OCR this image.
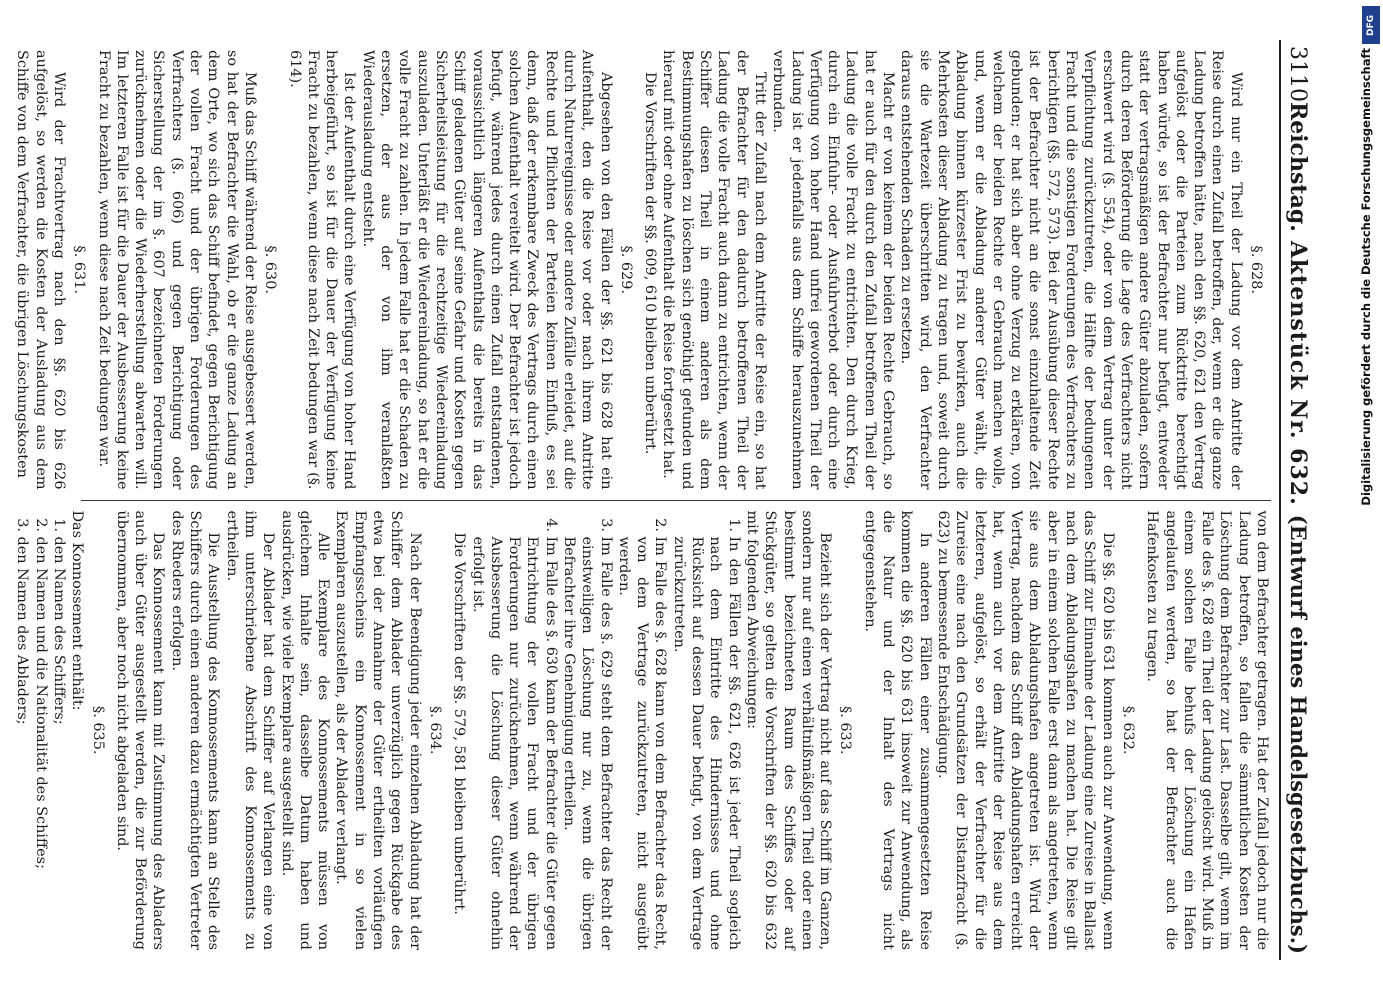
3110
Reichstag.
Aktenstück Nr. 632.
(Entwurf eines Handelsgesetzbuchs.)
§. 628.

Wird nur ein Theil der Ladung vor dem Antritte der Reise durch einen Zufall betroffen, der, wenn er die ganze Ladung betroffen hätte, nach den §§. 620, 621 den Vertrag aufgelöst oder die Parteien zum Rücktritte berechtigt haben würde, so ist der Befrachter nur befugt, entweder statt der vertragsmäßigen andere Güter abzuladen, sofern durch deren Beförderung die Lage des Verfrachters nicht erschwert wird (§. 554), oder von dem Vertrag unter der Verpflichtung zurückzutreten, die Hälfte der bedungenen Fracht und die sonstigen Forderungen des Verfrachters zu berichtigen (§§. 572, 573). Bei der Ausübung dieser Rechte ist der Befrachter nicht an die sonst einzuhaltende Zeit gebunden; er hat sich aber ohne Verzug zu erklären, von welchem der beiden Rechte er Gebrauch machen wolle, und, wenn er die Abladung anderer Güter wählt, die Abladung binnen kürzester Frist zu bewirken, auch die Mehrkosten dieser Abladung zu tragen und, soweit durch sie die Wartezeit überschritten wird, den Verfrachter daraus entstehenden Schaden zu ersetzen.

Macht er von keinem der beiden Rechte Gebrauch, so hat er auch für den durch den Zufall betroffenen Theil der Ladung die volle Fracht zu entrichten. Den durch Krieg, durch ein Einfuhr- oder Ausfuhrverbot oder durch eine Verfügung von hoher Hand unfrei gewordenen Theil der Ladung ist er jedenfalls aus dem Schiffe herauszunehmen verbunden.

Tritt der Zufall nach dem Antritte der Reise ein, so hat der Befrachter für den dadurch betroffenen Theil der Ladung die volle Fracht auch dann zu entrichten, wenn der Schiffer diesen Theil in einem anderen als dem Bestimmungshafen zu löschen sich genöthigt gefunden und hierauf mit oder ohne Aufenthalt die Reise fortgesetzt hat.

Die Vorschriften der §§. 609, 610 bleiben unberührt.

§. 629.

Abgesehen von den Fällen der §§. 621 bis 628 hat ein Aufenthalt, den die Reise vor oder nach ihrem Antritte durch Naturereignisse oder andere Zufälle erleidet, auf die Rechte und Pflichten der Parteien keinen Einfluß, es sei denn, daß der erkennbare Zweck des Vertrags durch einen solchen Aufenthalt vereitelt wird. Der Befrachter ist jedoch befugt, während jedes durch einen Zufall entstandenen, voraussichtlich längeren Aufenthalts die bereits in das Schiff geladenen Güter auf seine Gefahr und Kosten gegen Sicherheitsleistung für die rechtzeitige Wiedereinladung auszuladen. Unterläßt er die Wiedereinladung, so hat er die volle Fracht zu zahlen. In jedem Falle hat er die Schaden zu ersetzen, der aus der von ihm veranlaßten Wiederausladung entsteht.

Ist der Aufenthalt durch eine Verfügung von hoher Hand herbeigeführt, so ist für die Dauer der Verfügung keine Fracht zu bezahlen, wenn diese nach Zeit bedungen war (§. 614).

§. 630.

Muß das Schiff während der Reise ausgebessert werden, so hat der Befrachter die Wahl, ob er die ganze Ladung an dem Orte, wo sich das Schiff befindet, gegen Berichtigung der vollen Fracht und der übrigen Forderungen des Verfrachters (§. 606) und gegen Berichtigung oder Sicherstellung der im §. 607 bezeichneten Forderungen zurücknehmen oder die Wiederherstellung abwarten will. Im letzteren Falle ist für die Dauer der Ausbesserung keine Fracht zu bezahlen, wenn diese nach Zeit bedungen war.

§. 631.

Wird der Frachtvertrag nach den §§. 620 bis 626 aufgelöst, so werden die Kosten der Ausladung aus dem Schiffe von dem Verfrachter, die übrigen Löschungskosten

von dem Befrachter getragen. Hat der Zufall jedoch nur die Ladung betroffen, so fallen die sämmtlichen Kosten der Löschung dem Befrachter zur Last. Dasselbe gilt, wenn im Falle des §. 628 ein Theil der Ladung gelöscht wird. Muß in einem solchen Falle behufs der Löschung ein Hafen angelaufen werden, so hat der Befrachter auch die Hafenkosten zu tragen.

§. 632.

Die §§. 620 bis 631 kommen auch zur Anwendung, wenn das Schiff zur Einnahme der Ladung eine Zureise in Ballast nach dem Abladungshafen zu machen hat. Die Reise gilt aber in einem solchen Falle erst dann als angetreten, wenn sie aus dem Abladungshafen angetreten ist. Wird der Vertrag, nachdem das Schiff den Abladungshafen erreicht hat, wenn auch vor dem Antritte der Reise aus dem letzteren, aufgelöst, so erhält der Verfrachter für die Zureise eine nach den Grundsätzen der Distanzfracht (§. 623) zu bemessende Entschädigung.

In anderen Fällen einer zusammengesetzten Reise kommen die §§. 620 bis 631 insoweit zur Anwendung, als die Natur und der Inhalt des Vertrags nicht entgegenstehen.

§. 633.

Bezieht sich der Vertrag nicht auf das Schiff im Ganzen, sondern nur auf einen verhältnißmäßigen Theil oder einen bestimmt bezeichneten Raum des Schiffes oder auf Stückgüter, so gelten die Vorschriften der §§. 620 bis 632 mit folgenden Abweichungen:

1. In den Fällen der §§. 621, 626 ist jeder Theil sogleich nach dem Eintritte des Hindernisses und ohne Rücksicht auf dessen Dauer befugt, von dem Vertrage zurückzutreten.
2. Im Falle des §. 628 kann von dem Befrachter das Recht, von dem Vertrage zurückzutreten, nicht ausgeübt werden.
3. Im Falle des §. 629 steht dem Befrachter das Recht der einstweiligen Löschung nur zu, wenn die übrigen Befrachter ihre Genehmigung ertheilen.
4. Im Falle des §. 630 kann der Befrachter die Güter gegen Entrichtung der vollen Fracht und der übrigen Forderungen nur zurücknehmen, wenn während der Ausbesserung die Löschung dieser Güter ohnehin erfolgt ist.

Die Vorschriften der §§. 579, 581 bleiben unberührt.

§. 634.

Nach der Beendigung jeder einzelnen Abladung hat der Schiffer dem Ablader unverzüglich gegen Rückgabe des etwa bei der Annahme der Güter ertheilten vorläufigen Empfangsscheins ein Konnossement in so vielen Exemplaren auszustellen, als der Ablader verlangt.

Alle Exemplare des Konnossements müssen von gleichem Inhalte sein, dasselbe Datum haben und ausdrücken, wie viele Exemplare ausgestellt sind.

Der Ablader hat dem Schiffer auf Verlangen eine von ihm unterschriebene Abschrift des Konnossements zu ertheilen.

Die Ausstellung des Konnossements kann an Stelle des Schiffers durch einen anderen dazu ermächtigten Vertreter des Rheders erfolgen.

Das Konnossement kann mit Zustimmung des Abladers auch über Güter ausgestellt werden, die zur Beförderung übernommen, aber noch nicht abgeladen sind.

§. 635.

Das Konnossement enthält:

1. den Namen des Schiffers;
2. den Namen und die Nationalität des Schiffes;
3. den Namen des Abladers;
DFG
Digitalisierung gefördert durch die Deutsche Forschungsgemeinschaft
